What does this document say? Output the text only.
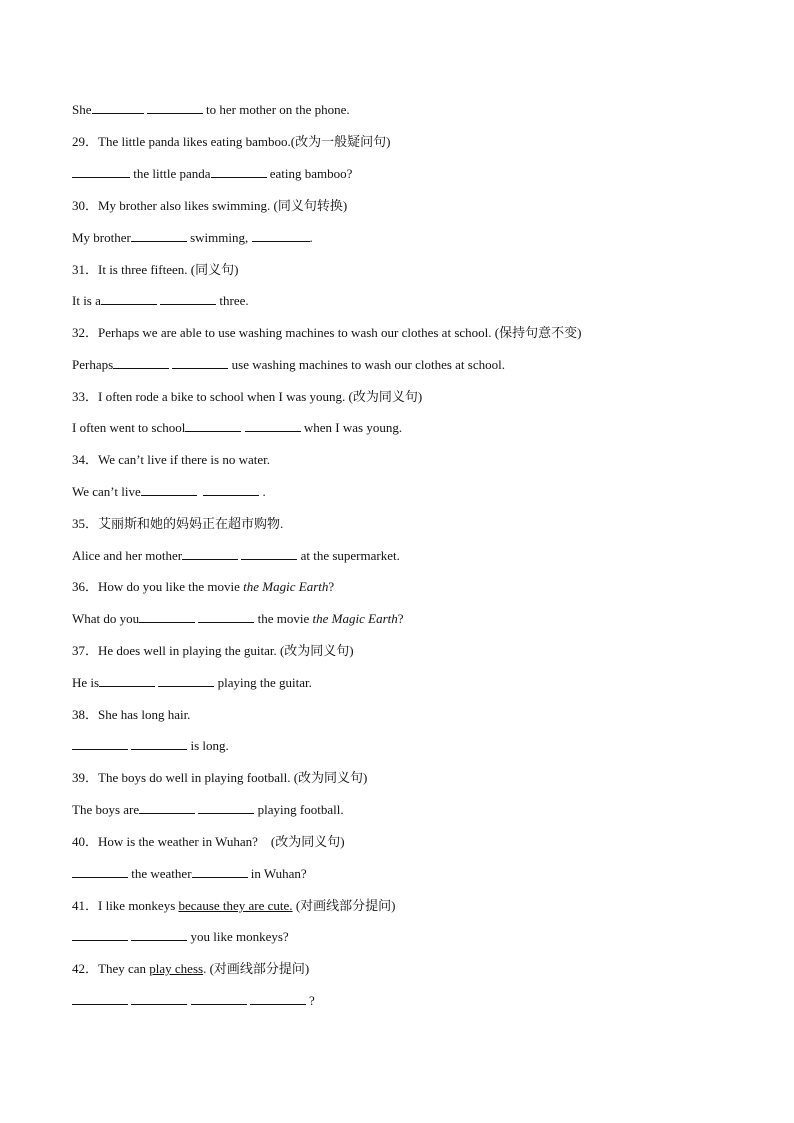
She	to her mother on the phone.
29．The little panda likes eating bamboo.(改为一般疑问句)
the little panda	eating bamboo?
30．My brother also likes swimming. (同义句转换)
My brother	swimming,	.
31．It is three fifteen. (同义句)
It is a	three.
32．Perhaps we are able to use washing machines to wash our clothes at school. (保持句意不变)
Perhaps	use washing machines to wash our clothes at school.
33．I often rode a bike to school when I was young. (改为同义句)
I often went to school	when I was young.
34．We can’t live if there is no water.
We can’t live	.
35．艾丽斯和她的妈妈正在超市购物.
Alice and her mother	at the supermarket.
36．How do you like the movie the Magic Earth?
What do you	the movie the Magic Earth?
37．He does well in playing the guitar. (改为同义句)
He is	playing the guitar.
38．She has long hair.
is long.
39．The boys do well in playing football. (改为同义句)
The boys are	playing football.
40．How is the weather in Wuhan?    (改为同义句)
the weather	in Wuhan?
41．I like monkeys because they are cute. (对画线部分提问)
you like monkeys?
42．They can play chess. (对画线部分提问)
?
